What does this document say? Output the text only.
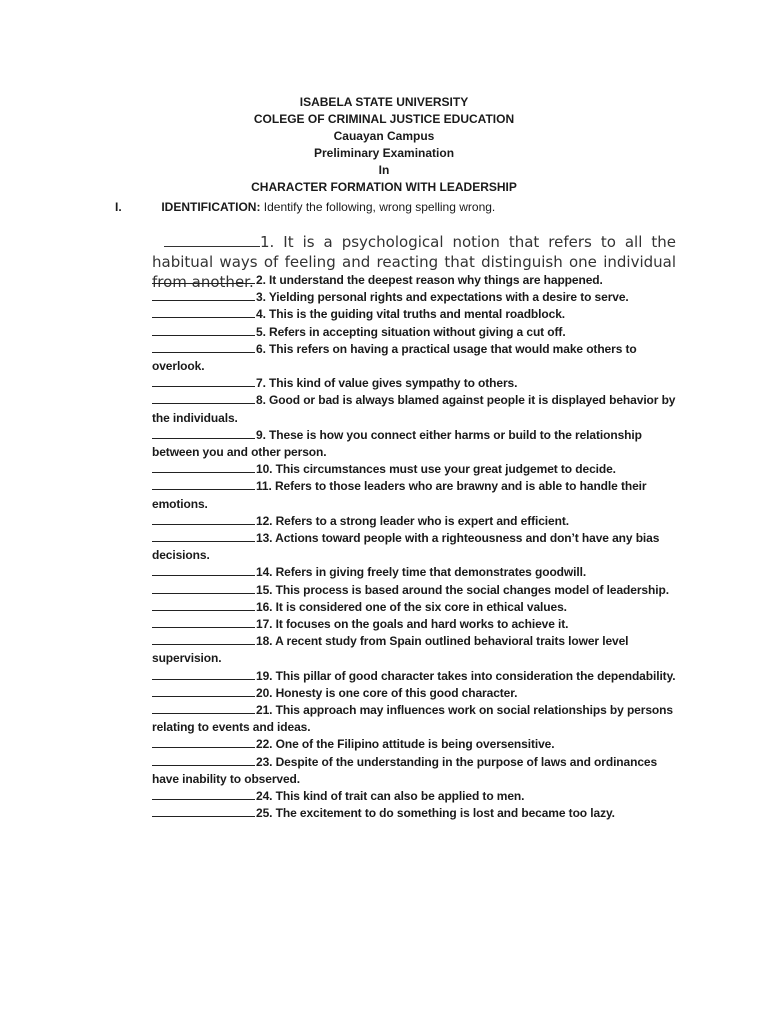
ISABELA STATE UNIVERSITY
COLEGE OF CRIMINAL JUSTICE EDUCATION
Cauayan Campus
Preliminary Examination
In
CHARACTER FORMATION WITH LEADERSHIP
I.	IDENTIFICATION: Identify the following, wrong spelling wrong.
1. It is a psychological notion that refers to all the habitual ways of feeling and reacting that distinguish one individual from another. 2. It understand the deepest reason why things are happened.

3. Yielding personal rights and expectations with a desire to serve.

4. This is the guiding vital truths and mental roadblock.

5. Refers in accepting situation without giving a cut off.

6. This refers on having a practical usage that would make others to overlook.

7. This kind of value gives sympathy to others.

8. Good or bad is always blamed against people it is displayed behavior by the individuals.

9. These is how you connect either harms or build to the relationship between you and other person.

10. This circumstances must use your great judgemet to decide.

11. Refers to those leaders who are brawny and is able to handle their emotions.

12. Refers to a strong leader who is expert and efficient.

13. Actions toward people with a righteousness and don’t have any bias decisions.

14. Refers in giving freely time that demonstrates goodwill.

15. This process is based around the social changes model of leadership.

16. It is considered one of the six core in ethical values.

17. It focuses on the goals and hard works to achieve it.

18. A recent study from Spain outlined behavioral traits lower level supervision.

19. This pillar of good character takes into consideration the dependability.

20. Honesty is one core of this good character.

21. This approach may influences work on social relationships by persons relating to events and ideas.

22. One of the Filipino attitude is being oversensitive.

23. Despite of the understanding in the purpose of laws and ordinances have inability to observed.

24. This kind of trait can also be applied to men.

25. The excitement to do something is lost and became too lazy.
